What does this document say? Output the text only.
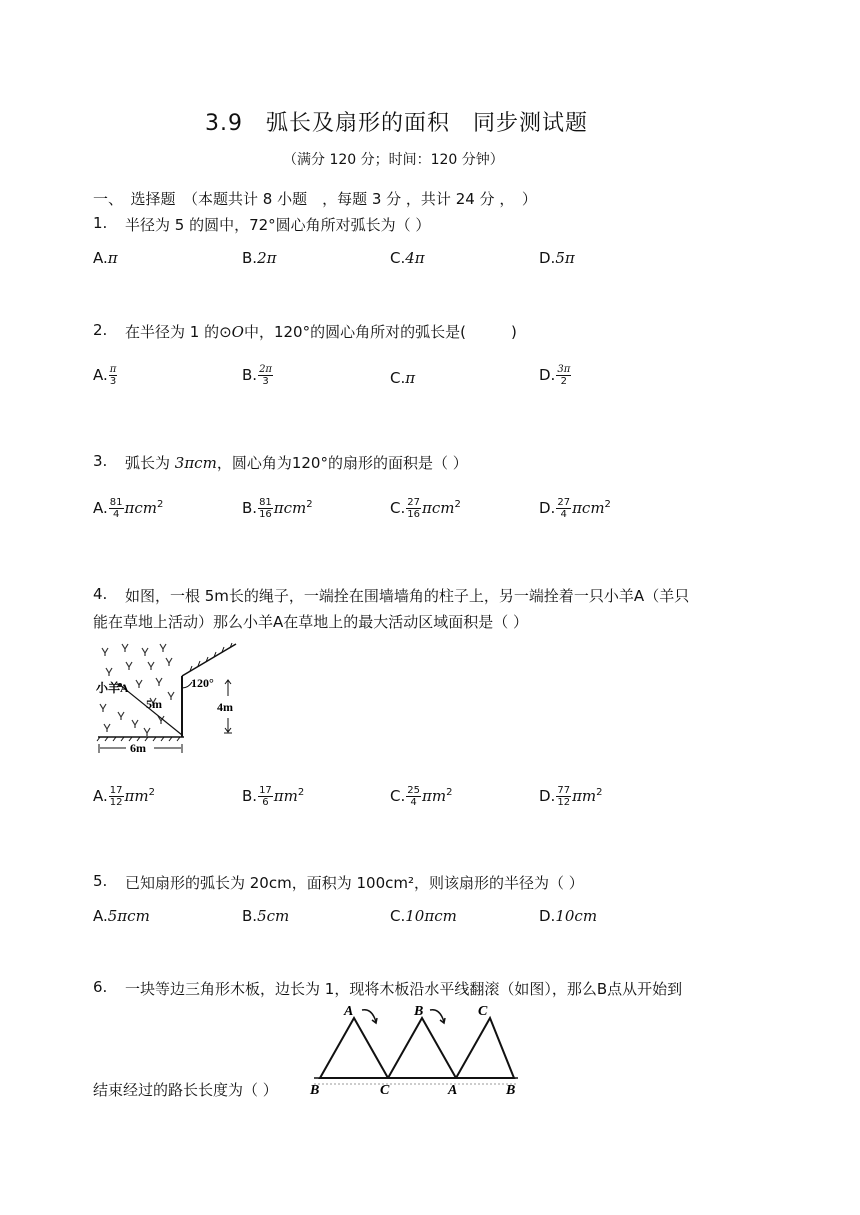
3.9　弧长及扇形的面积　同步测试题
（满分 120 分；时间：120 分钟）
一、　选择题　（本题共计 8 小题　，每题 3 分 ，共计 24 分 ，　）
1. 半径为 5 的圆中，72°圆心角所对弧长为（ ）
A.π	B.2π	C.4π	D.5π
2. 在半径为 1 的⊙O中，120°的圆心角所对的弧长是(　　　)
A. $\frac{\pi}{3}$	B. $\frac{2\pi}{3}$	C.π	D. $\frac{3\pi}{2}$
3. 弧长为 3πcm，圆心角为120°的扇形的面积是（ ）
A. $\frac{81}{4} \pi cm^2$	B. $\frac{81}{16} \pi cm^2$	C. $\frac{27}{16} \pi cm^2$	D. $\frac{27}{4} \pi cm^2$
4. 如图，一根 5m长的绳子，一端拴在围墙墙角的柱子上，另一端拴着一只小羊A（羊只
能在草地上活动）那么小羊A在草地上的最大活动区域面积是（ ）
小羊A	120°
5m	4m
6m
A. $\frac{17}{12} \pi m^2$	B. $\frac{17}{6} \pi m^2$	C. $\frac{25}{4} \pi m^2$	D. $\frac{77}{12} \pi m^2$
5. 已知扇形的弧长为 20cm，面积为 100cm²，则该扇形的半径为（ ）
A.5πcm	B.5cm	C.10πcm	D.10cm
6. 一块等边三角形木板，边长为 1，现将木板沿水平线翻滚（如图），那么B点从开始到
结束经过的路长长度为（ ）
A	B	C
B	C	A	B
